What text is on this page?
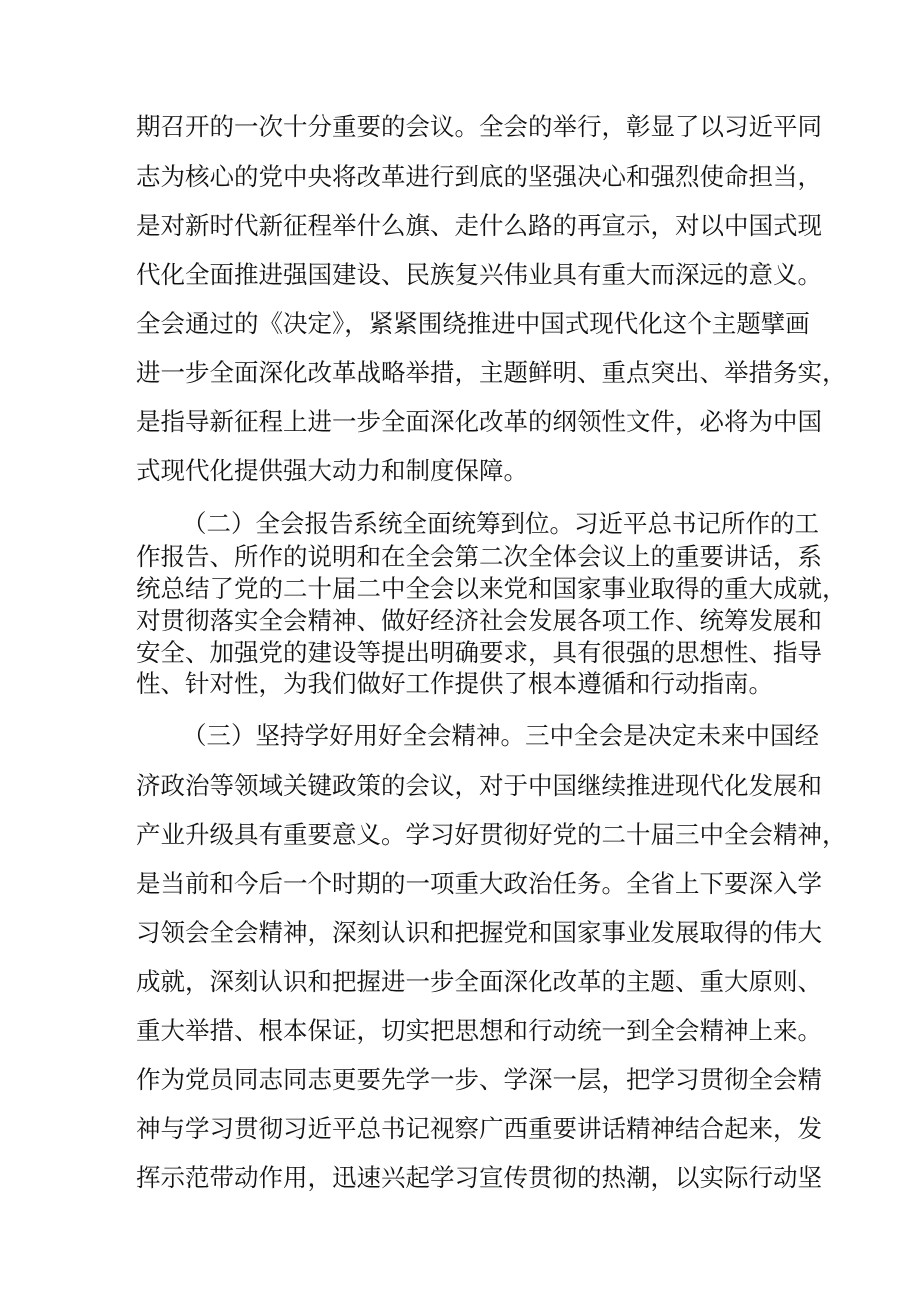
期召开的一次十分重要的会议。全会的举行，彰显了以习近平同
志为核心的党中央将改革进行到底的坚强决心和强烈使命担当，
是对新时代新征程举什么旗、走什么路的再宣示，对以中国式现
代化全面推进强国建设、民族复兴伟业具有重大而深远的意义。
全会通过的《决定》，紧紧围绕推进中国式现代化这个主题擘画
进一步全面深化改革战略举措，主题鲜明、重点突出、举措务实，
是指导新征程上进一步全面深化改革的纲领性文件，必将为中国
式现代化提供强大动力和制度保障。
（二）全会报告系统全面统筹到位。习近平总书记所作的工
作报告、所作的说明和在全会第二次全体会议上的重要讲话，系
统总结了党的二十届二中全会以来党和国家事业取得的重大成就，
对贯彻落实全会精神、做好经济社会发展各项工作、统筹发展和
安全、加强党的建设等提出明确要求，具有很强的思想性、指导
性、针对性，为我们做好工作提供了根本遵循和行动指南。
（三）坚持学好用好全会精神。三中全会是决定未来中国经
济政治等领域关键政策的会议，对于中国继续推进现代化发展和
产业升级具有重要意义。学习好贯彻好党的二十届三中全会精神，
是当前和今后一个时期的一项重大政治任务。全省上下要深入学
习领会全会精神，深刻认识和把握党和国家事业发展取得的伟大
成就，深刻认识和把握进一步全面深化改革的主题、重大原则、
重大举措、根本保证，切实把思想和行动统一到全会精神上来。
作为党员同志同志更要先学一步、学深一层，把学习贯彻全会精
神与学习贯彻习近平总书记视察广西重要讲话精神结合起来，发
挥示范带动作用，迅速兴起学习宣传贯彻的热潮，以实际行动坚
